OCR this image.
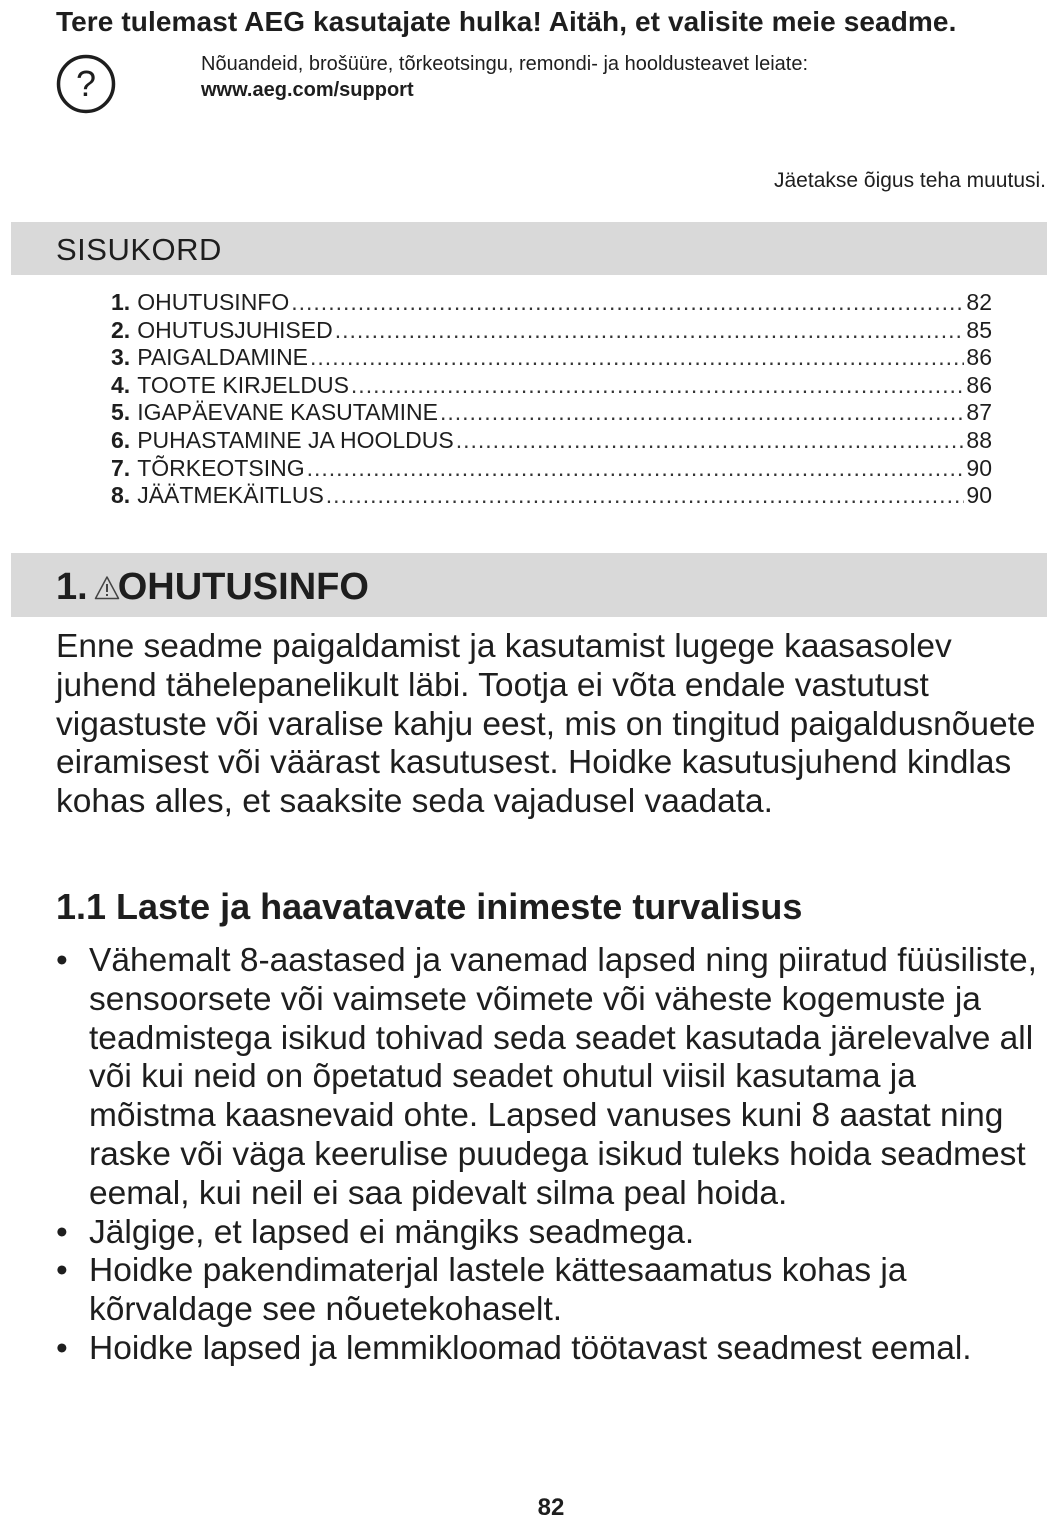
Tere tulemast AEG kasutajate hulka! Aitäh, et valisite meie seadme.
?	Nõuandeid, brošüüre, tõrkeotsingu, remondi- ja hooldusteavet leiate:
www.aeg.com/support
Jäetakse õigus teha muutusi.
SISUKORD
1. OHUTUSINFO .....	82
2. OHUTUSJUHISED .....	85
3. PAIGALDAMINE .....	86
4. TOOTE KIRJELDUS .....	86
5. IGAPÄEVANE KASUTAMINE .....	87
6. PUHASTAMINE JA HOOLDUS .....	88
7. TÕRKEOTSING .....	90
8. JÄÄTMEKÄITLUS .....	90
1. OHUTUSINFO

Enne seadme paigaldamist ja kasutamist lugege kaasasolev juhend tähelepanelikult läbi. Tootja ei võta endale vastutust vigastuste või varalise kahju eest, mis on tingitud paigaldusnõuete eiramisest või väärast kasutusest. Hoidke kasutusjuhend kindlas kohas alles, et saaksite seda vajadusel vaadata.

1.1 Laste ja haavatavate inimeste turvalisus
• Vähemalt 8-aastased ja vanemad lapsed ning piiratud füüsiliste, sensoorsete või vaimsete võimete või väheste kogemuste ja teadmistega isikud tohivad seda seadet kasutada järelevalve all või kui neid on õpetatud seadet ohutul viisil kasutama ja mõistma kaasnevaid ohte. Lapsed vanuses kuni 8 aastat ning raske või väga keerulise puudega isikud tuleks hoida seadmest eemal, kui neil ei saa pidevalt silma peal hoida.
• Jälgige, et lapsed ei mängiks seadmega.
• Hoidke pakendimaterjal lastele kättesaamatus kohas ja kõrvaldage see nõuetekohaselt.
• Hoidke lapsed ja lemmikloomad töötavast seadmest eemal.
82
